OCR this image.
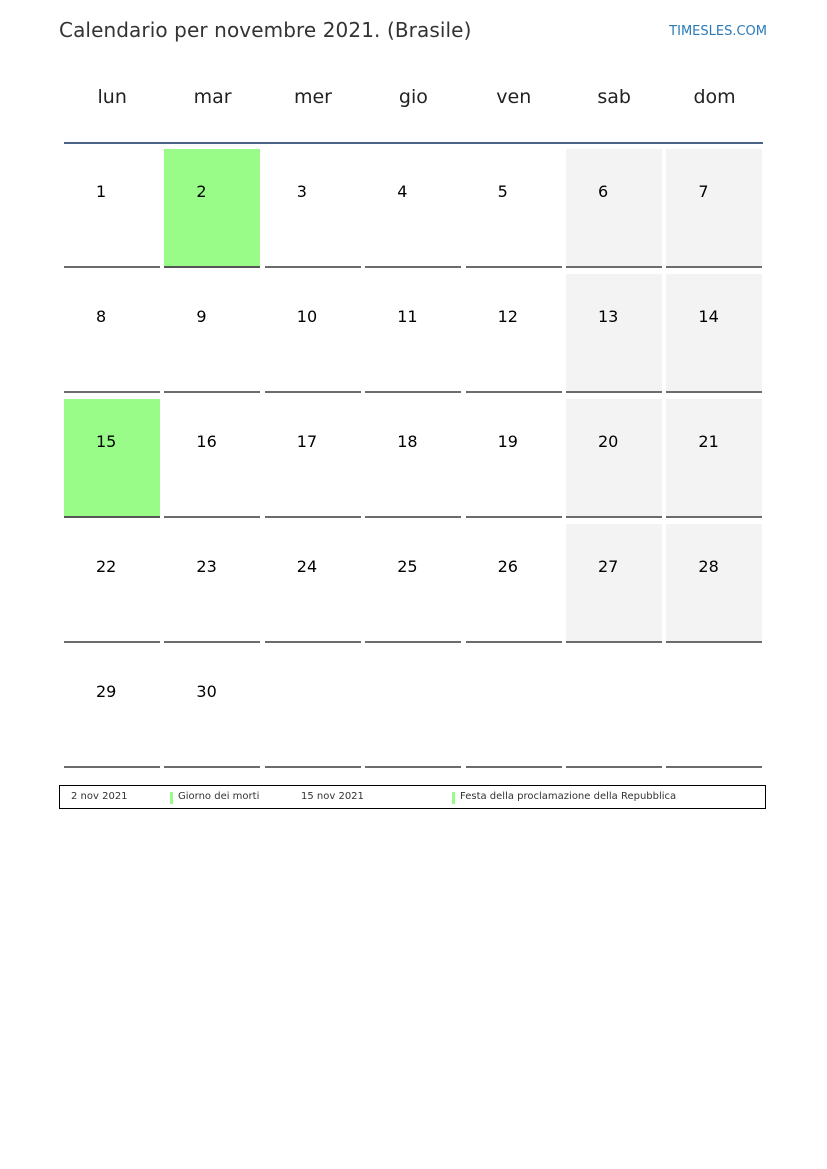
Calendario per novembre 2021. (Brasile)	TIMESLES.COM
lun	mar	mer	gio	ven	sab	dom
1	2	3	4	5	6	7
8	9	10	11	12	13	14
15	16	17	18	19	20	21
22	23	24	25	26	27	28
29	30
2 nov 2021	Giorno dei morti	15 nov 2021	Festa della proclamazione della Repubblica
